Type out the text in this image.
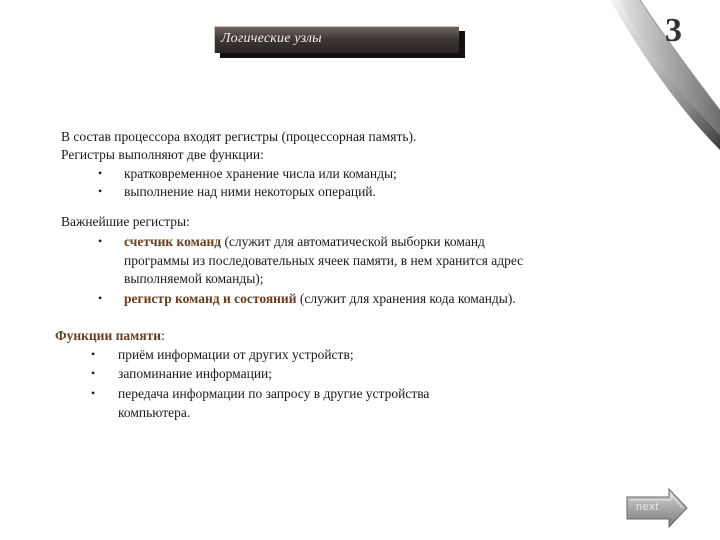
Логические узлы	3
В состав процессора входят регистры (процессорная память).
Регистры выполняют две функции:
• кратковременное хранение числа или команды;
• выполнение над ними некоторых операций.
Важнейшие регистры:
• счетчик команд (служит для автоматической выборки команд
программы из последовательных ячеек памяти, в нем хранится адрес
выполняемой команды);
• регистр команд и состояний (служит для хранения кода команды).
Функции памяти:
• приём информации от других устройств;
• запоминание информации;
• передача информации по запросу в другие устройства
компьютера.
next
